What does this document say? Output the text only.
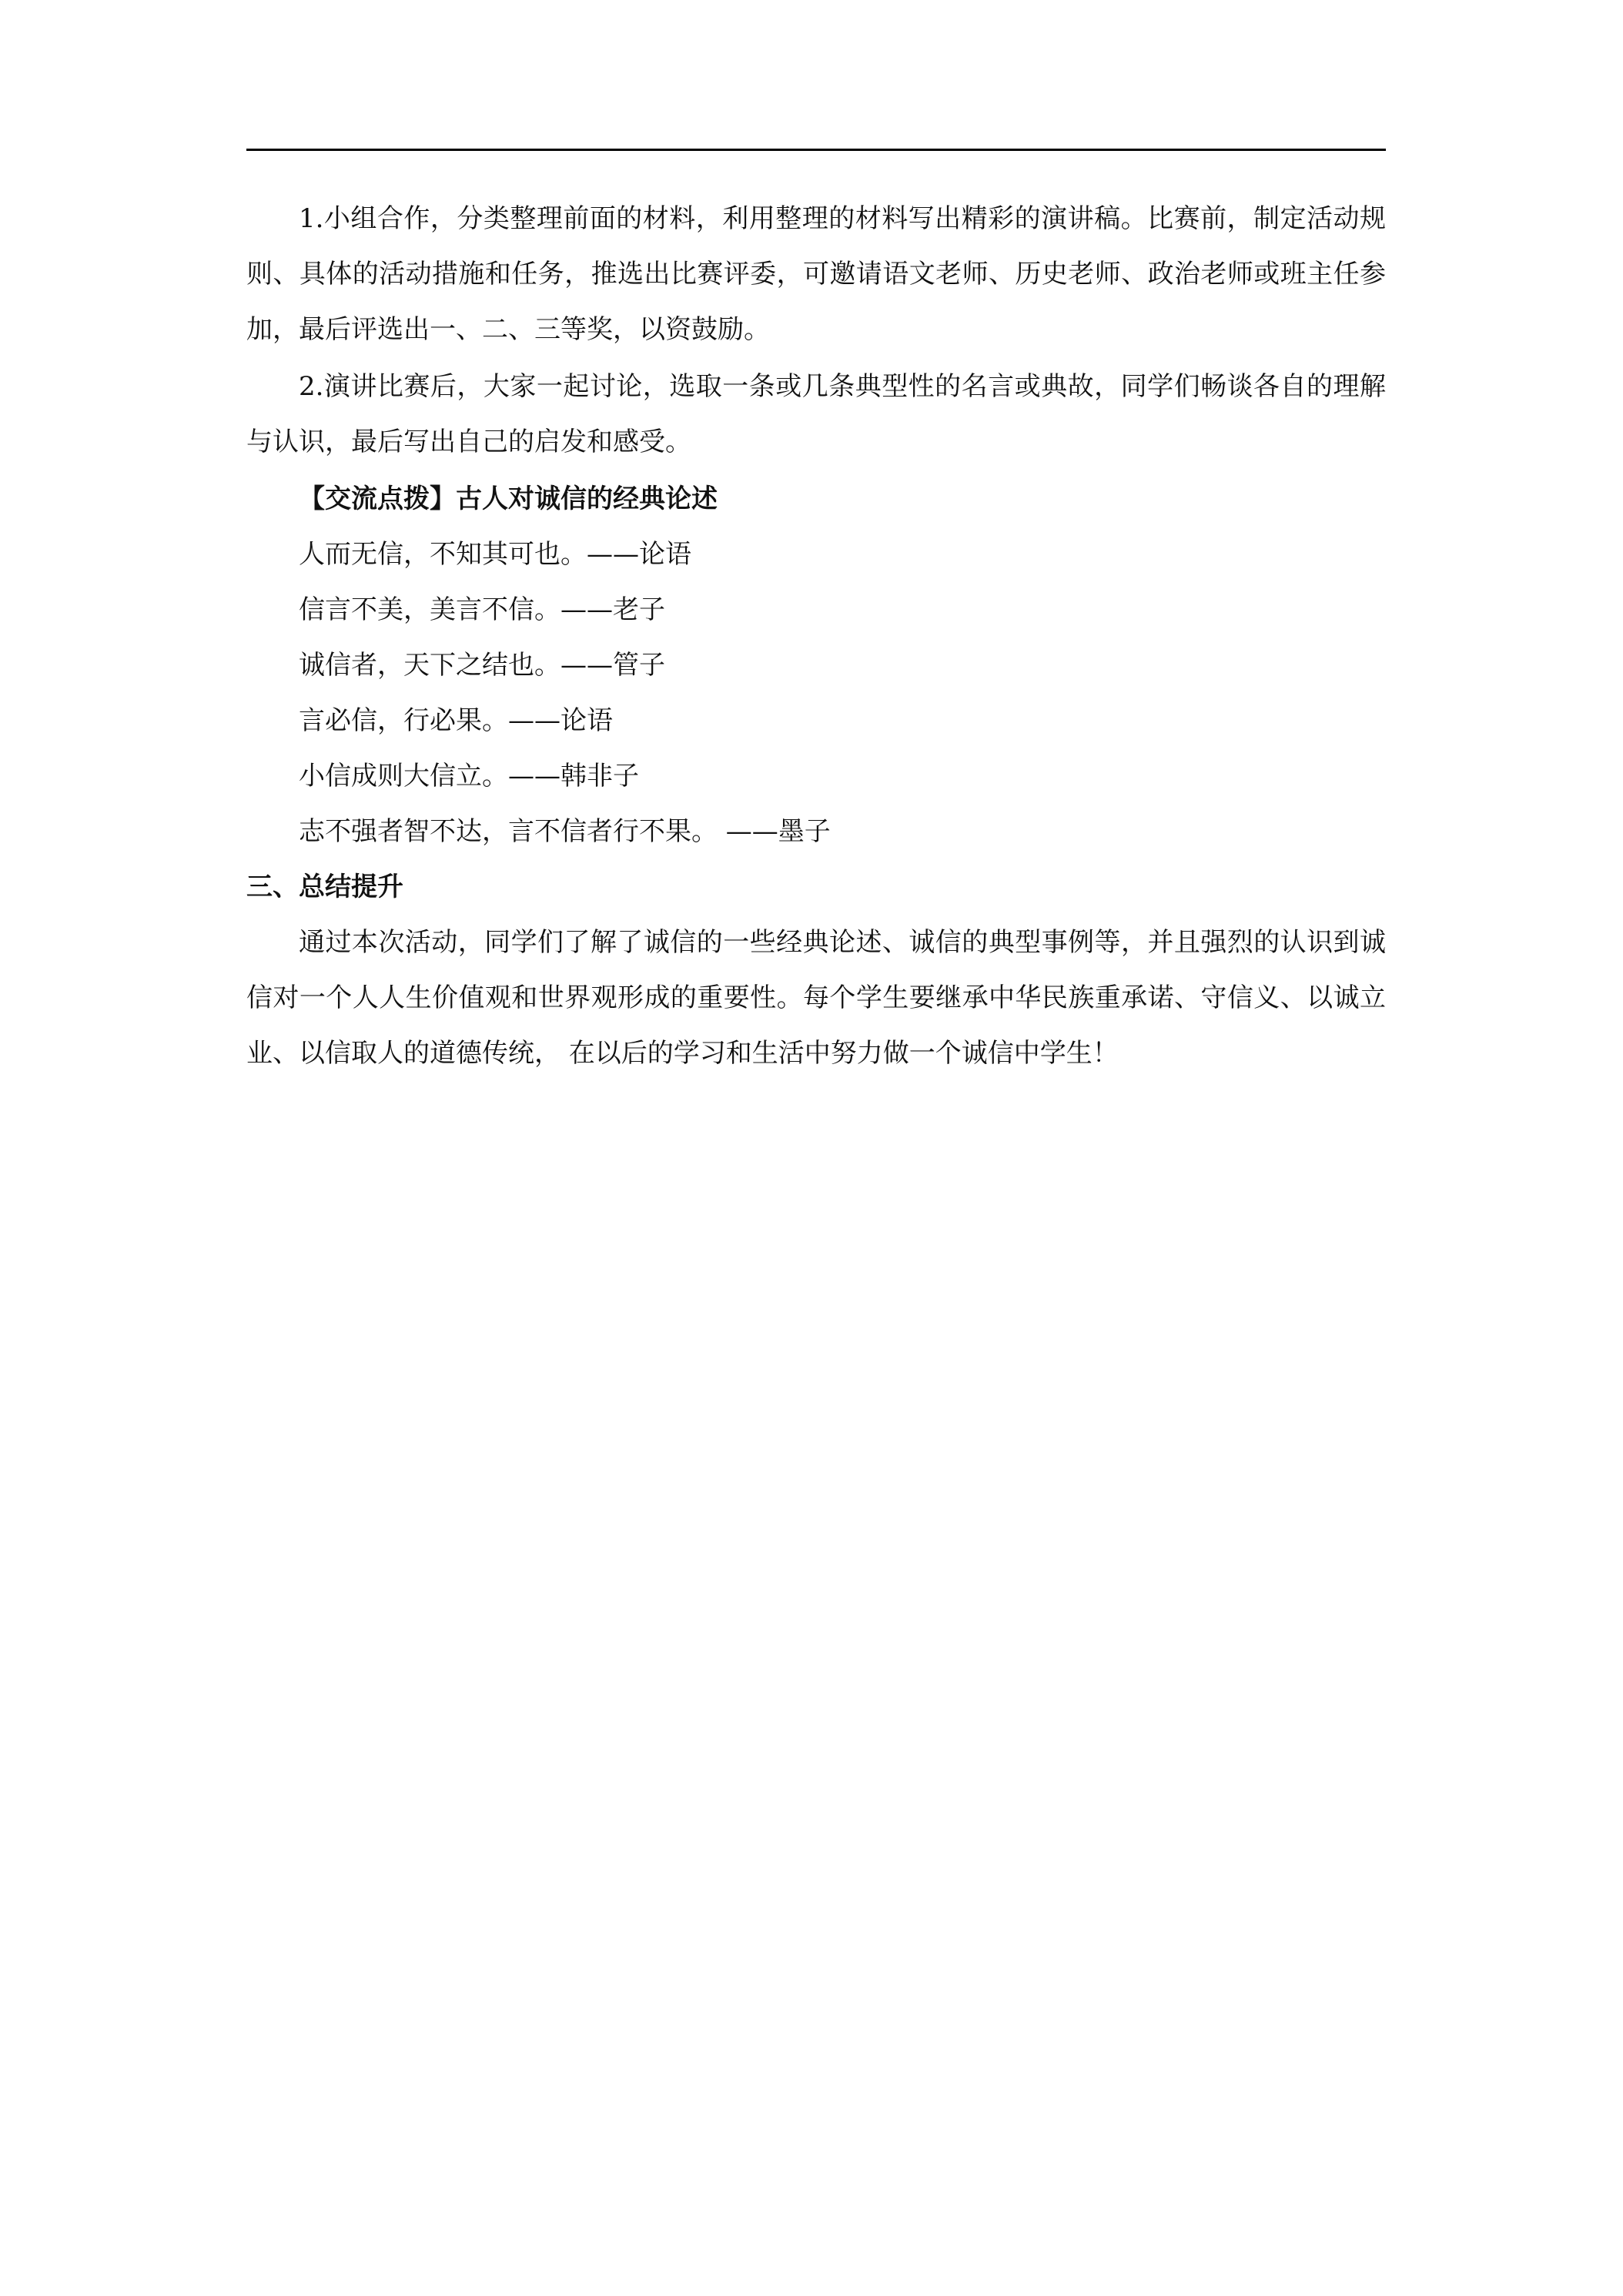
1.小组合作，分类整理前面的材料，利用整理的材料写出精彩的演讲稿。比赛前，制定活动规则、具体的活动措施和任务，推选出比赛评委，可邀请语文老师、历史老师、政治老师或班主任参加，最后评选出一、二、三等奖，以资鼓励。

2.演讲比赛后，大家一起讨论，选取一条或几条典型性的名言或典故，同学们畅谈各自的理解与认识，最后写出自己的启发和感受。

【交流点拨】古人对诚信的经典论述

人而无信，不知其可也。——论语

信言不美，美言不信。——老子

诚信者，天下之结也。——管子

言必信，行必果。——论语

小信成则大信立。——韩非子

志不强者智不达，言不信者行不果。 ——墨子

三、总结提升

通过本次活动，同学们了解了诚信的一些经典论述、诚信的典型事例等，并且强烈的认识到诚信对一个人人生价值观和世界观形成的重要性。每个学生要继承中华民族重承诺、守信义、以诚立业、以信取人的道德传统， 在以后的学习和生活中努力做一个诚信中学生！
